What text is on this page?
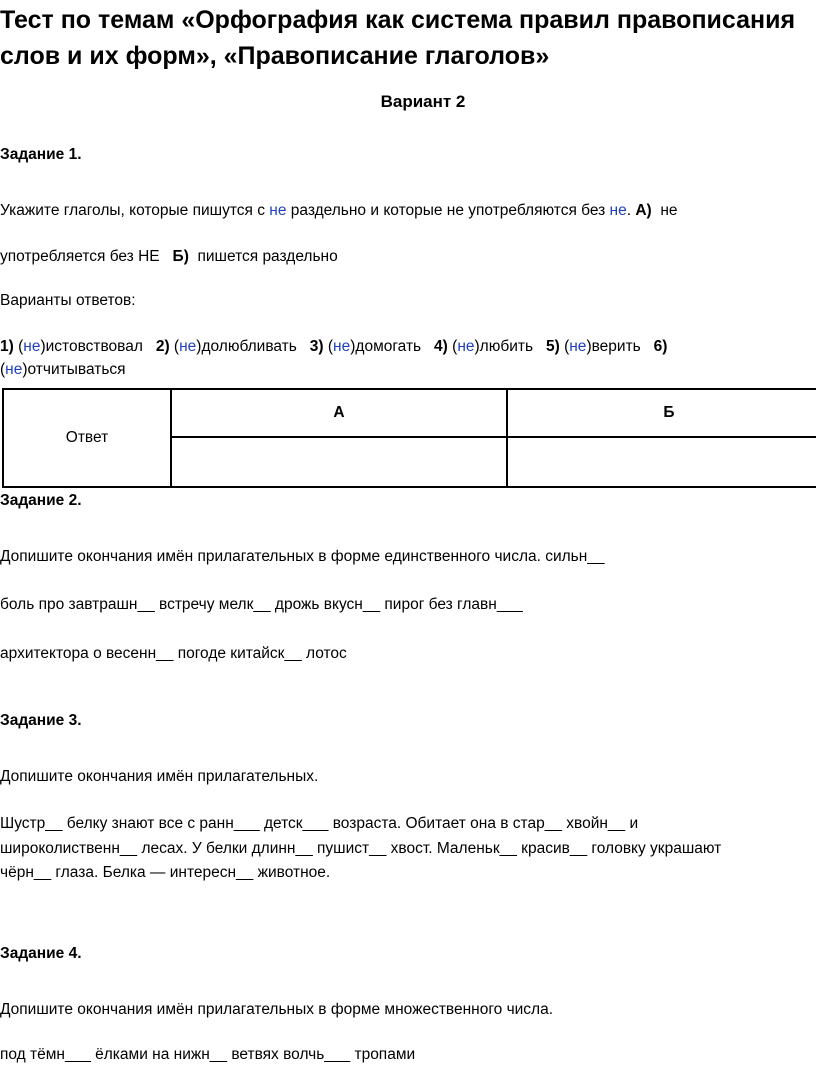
Тест по темам «Орфография как система правил правописания
слов и их форм», «Правописание глаголов»
Вариант 2
Задание 1.
Укажите глаголы, которые пишутся с не раздельно и которые не употребляются без не. А)  не
употребляется без НЕ   Б)  пишется раздельно
Варианты ответов:
1) (не)истовствовал 2) (не)долюбливать 3) (не)домогать 4) (не)любить 5) (не)верить 6)
(не)отчитываться
Ответ	А	Б

Задание 2.
Допишите окончания имён прилагательных в форме единственного числа. сильн__
боль про завтрашн__ встречу мелк__ дрожь вкусн__ пирог без главн___
архитектора о весенн__ погоде китайск__ лотос
Задание 3.
Допишите окончания имён прилагательных.
Шустр__ белку знают все с ранн___ детск___ возраста. Обитает она в стар__ хвойн__ и
широколиственн__ лесах. У белки длинн__ пушист__ хвост. Маленьк__ красив__ головку украшают
чёрн__ глаза. Белка — интересн__ животное.
Задание 4.
Допишите окончания имён прилагательных в форме множественного числа.
под тёмн___ ёлками на нижн__ ветвях волчь___ тропами
